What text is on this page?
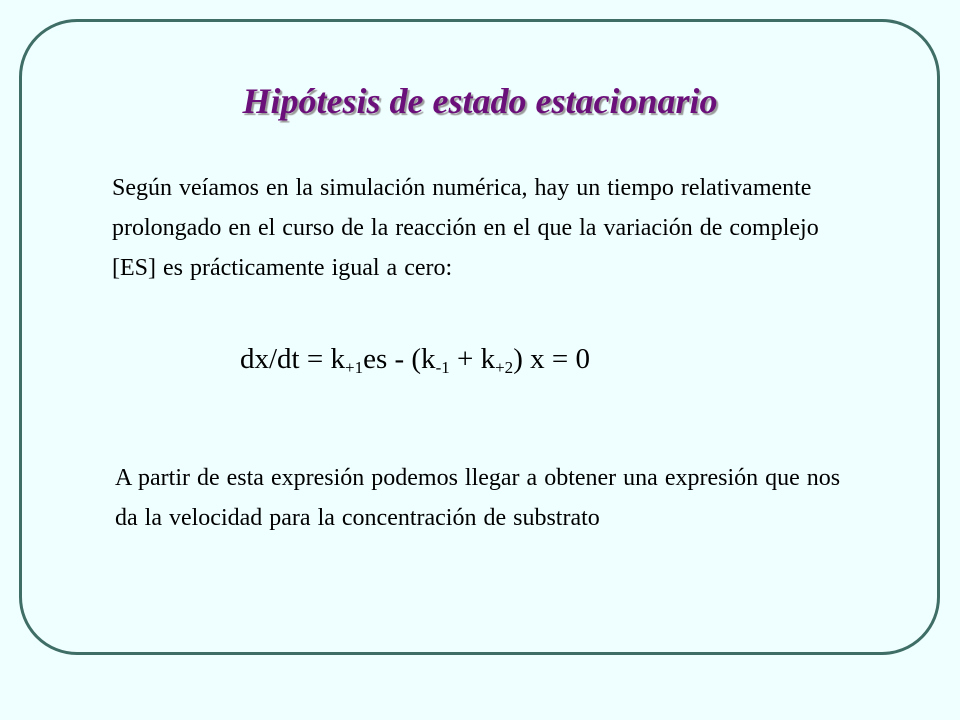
Hipótesis de estado estacionario

Según veíamos en la simulación numérica, hay un tiempo relativamente prolongado en el curso de la reacción en el que la variación de complejo [ES] es prácticamente igual a cero:

$dx/dt = k_{+1}es - (k_{-1} + k_{+2}) x = 0$

A partir de esta expresión podemos llegar a obtener una expresión que nos da la velocidad para la concentración de substrato
